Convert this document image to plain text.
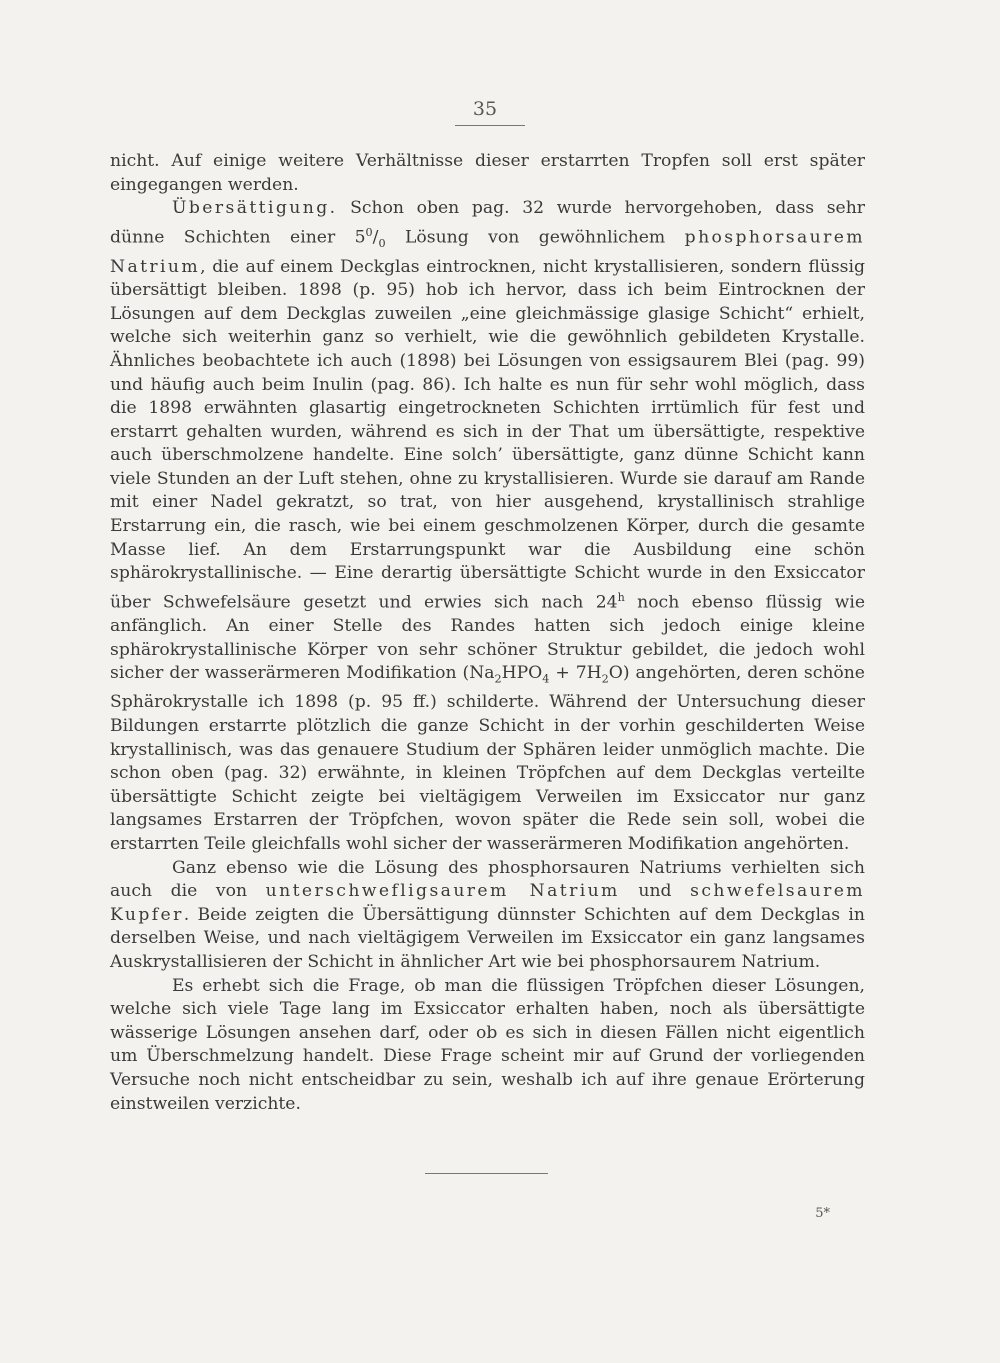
35

nicht. Auf einige weitere Verhältnisse dieser erstarrten Tropfen soll erst später eingegangen werden.

Übersättigung. Schon oben pag. 32 wurde hervorgehoben, dass sehr dünne Schichten einer $5^0/_0$ Lösung von gewöhnlichem phosphorsaurem Natrium, die auf einem Deckglas eintrocknen, nicht krystallisieren, sondern flüssig übersättigt bleiben. 1898 (p. 95) hob ich hervor, dass ich beim Eintrocknen der Lösungen auf dem Deckglas zuweilen „eine gleichmässige glasige Schicht“ erhielt, welche sich weiterhin ganz so verhielt, wie die gewöhnlich gebildeten Krystalle. Ähnliches beobachtete ich auch (1898) bei Lösungen von essigsaurem Blei (pag. 99) und häufig auch beim Inulin (pag. 86). Ich halte es nun für sehr wohl möglich, dass die 1898 erwähnten glasartig eingetrockneten Schichten irrtümlich für fest und erstarrt gehalten wurden, während es sich in der That um übersättigte, respektive auch überschmolzene handelte. Eine solch’ übersättigte, ganz dünne Schicht kann viele Stunden an der Luft stehen, ohne zu krystallisieren. Wurde sie darauf am Rande mit einer Nadel gekratzt, so trat, von hier ausgehend, krystallinisch strahlige Erstarrung ein, die rasch, wie bei einem geschmolzenen Körper, durch die gesamte Masse lief. An dem Erstarrungspunkt war die Ausbildung eine schön sphärokrystallinische. — Eine derartig übersättigte Schicht wurde in den Exsiccator über Schwefelsäure gesetzt und erwies sich nach 24$^h$ noch ebenso flüssig wie anfänglich. An einer Stelle des Randes hatten sich jedoch einige kleine sphärokrystallinische Körper von sehr schöner Struktur gebildet, die jedoch wohl sicher der wasserärmeren Modifikation $(Na_2HPO_4 + 7H_2O)$ angehörten, deren schöne Sphärokrystalle ich 1898 (p. 95 ff.) schilderte. Während der Untersuchung dieser Bildungen erstarrte plötzlich die ganze Schicht in der vorhin geschilderten Weise krystallinisch, was das genauere Studium der Sphären leider unmöglich machte. Die schon oben (pag. 32) erwähnte, in kleinen Tröpfchen auf dem Deckglas verteilte übersättigte Schicht zeigte bei vieltägigem Verweilen im Exsiccator nur ganz langsames Erstarren der Tröpfchen, wovon später die Rede sein soll, wobei die erstarrten Teile gleichfalls wohl sicher der wasserärmeren Modifikation angehörten.

Ganz ebenso wie die Lösung des phosphorsauren Natriums verhielten sich auch die von unterschwefligsaurem Natrium und schwefelsaurem Kupfer. Beide zeigten die Übersättigung dünnster Schichten auf dem Deckglas in derselben Weise, und nach vieltägigem Verweilen im Exsiccator ein ganz langsames Auskrystallisieren der Schicht in ähnlicher Art wie bei phosphorsaurem Natrium.

Es erhebt sich die Frage, ob man die flüssigen Tröpfchen dieser Lösungen, welche sich viele Tage lang im Exsiccator erhalten haben, noch als übersättigte wässerige Lösungen ansehen darf, oder ob es sich in diesen Fällen nicht eigentlich um Überschmelzung handelt. Diese Frage scheint mir auf Grund der vorliegenden Versuche noch nicht entscheidbar zu sein, weshalb ich auf ihre genaue Erörterung einstweilen verzichte.

5*
